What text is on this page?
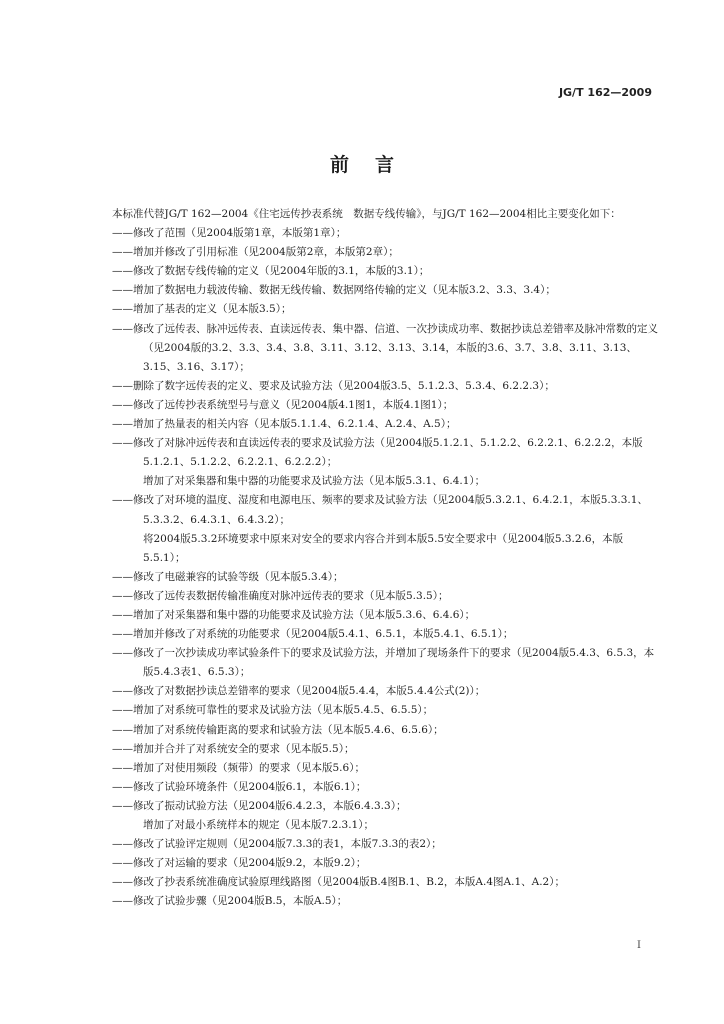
JG/T 162—2009
前言

本标准代替JG/T 162—2004《住宅远传抄表系统　数据专线传输》，与JG/T 162—2004相比主要变化如下：

——修改了范围（见2004版第1章，本版第1章）；

——增加并修改了引用标准（见2004版第2章，本版第2章）；

——修改了数据专线传输的定义（见2004年版的3.1，本版的3.1）；

——增加了数据电力载波传输、数据无线传输、数据网络传输的定义（见本版3.2、3.3、3.4）；

——增加了基表的定义（见本版3.5）；

——修改了远传表、脉冲远传表、直读远传表、集中器、信道、一次抄读成功率、数据抄读总差错率及脉冲常数的定义（见2004版的3.2、3.3、3.4、3.8、3.11、3.12、3.13、3.14，本版的3.6、3.7、3.8、3.11、3.13、3.15、3.16、3.17）；

——删除了数字远传表的定义、要求及试验方法（见2004版3.5、5.1.2.3、5.3.4、6.2.2.3）；

——修改了远传抄表系统型号与意义（见2004版4.1图1，本版4.1图1）；

——增加了热量表的相关内容（见本版5.1.1.4、6.2.1.4、A.2.4、A.5）；

——修改了对脉冲远传表和直读远传表的要求及试验方法（见2004版5.1.2.1、5.1.2.2、6.2.2.1、6.2.2.2，本版5.1.2.1、5.1.2.2、6.2.2.1、6.2.2.2）；

增加了对采集器和集中器的功能要求及试验方法（见本版5.3.1、6.4.1）；

——修改了对环境的温度、湿度和电源电压、频率的要求及试验方法（见2004版5.3.2.1、6.4.2.1，本版5.3.3.1、5.3.3.2、6.4.3.1、6.4.3.2）；

将2004版5.3.2环境要求中原来对安全的要求内容合并到本版5.5安全要求中（见2004版5.3.2.6，本版5.5.1）；

——修改了电磁兼容的试验等级（见本版5.3.4）；

——修改了远传表数据传输准确度对脉冲远传表的要求（见本版5.3.5）；

——增加了对采集器和集中器的功能要求及试验方法（见本版5.3.6、6.4.6）；

——增加并修改了对系统的功能要求（见2004版5.4.1、6.5.1，本版5.4.1、6.5.1）；

——修改了一次抄读成功率试验条件下的要求及试验方法，并增加了现场条件下的要求（见2004版5.4.3、6.5.3，本版5.4.3表1、6.5.3）；

——修改了对数据抄读总差错率的要求（见2004版5.4.4，本版5.4.4公式(2)）；

——增加了对系统可靠性的要求及试验方法（见本版5.4.5、6.5.5）；

——增加了对系统传输距离的要求和试验方法（见本版5.4.6、6.5.6）；

——增加并合并了对系统安全的要求（见本版5.5）；

——增加了对使用频段（频带）的要求（见本版5.6）；

——修改了试验环境条件（见2004版6.1，本版6.1）；

——修改了振动试验方法（见2004版6.4.2.3，本版6.4.3.3）；

增加了对最小系统样本的规定（见本版7.2.3.1）；

——修改了试验评定规则（见2004版7.3.3的表1，本版7.3.3的表2）；

——修改了对运输的要求（见2004版9.2，本版9.2）；

——修改了抄表系统准确度试验原理线路图（见2004版B.4图B.1、B.2，本版A.4图A.1、A.2）；

——修改了试验步骤（见2004版B.5，本版A.5）；

I
